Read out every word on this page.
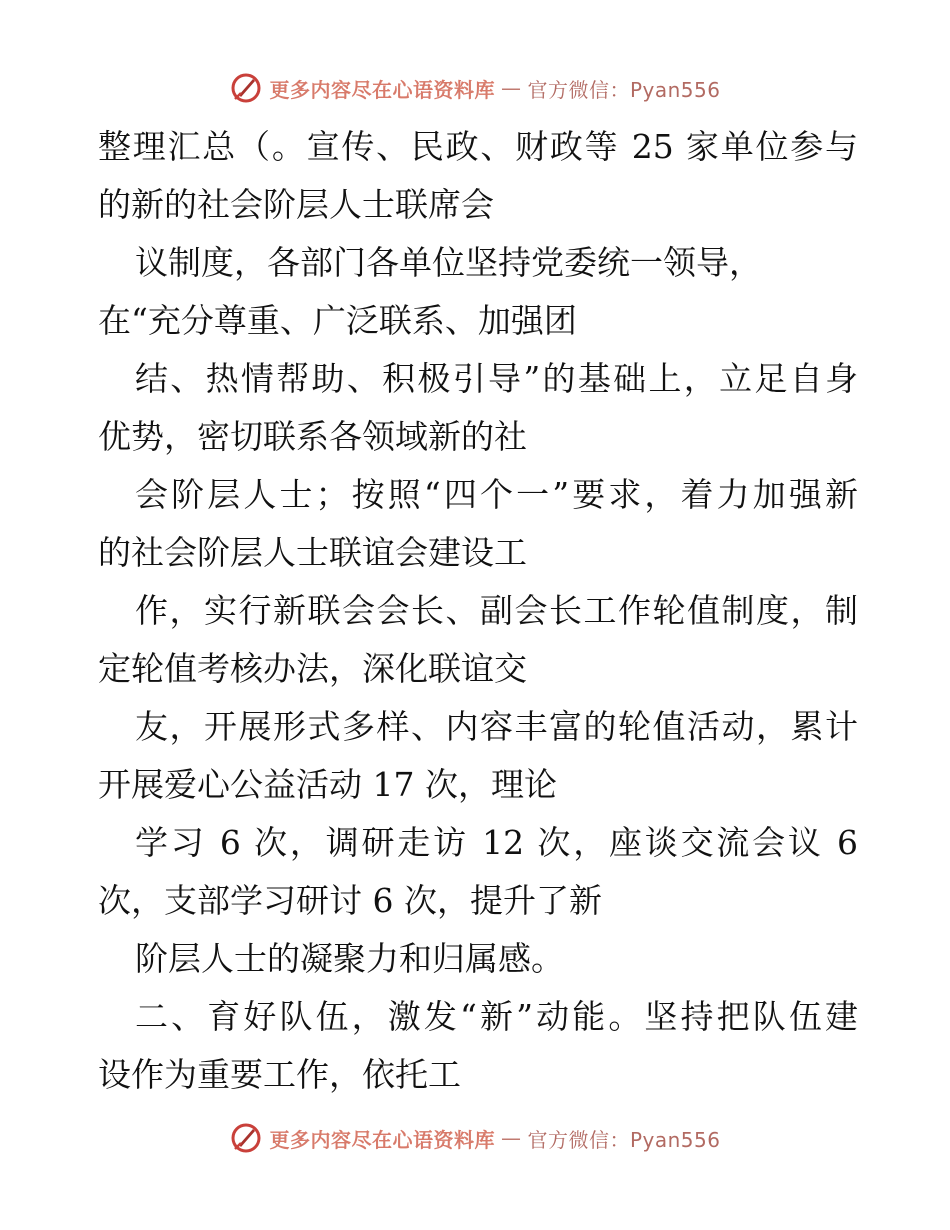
更多内容尽在心语资料库 — 官方微信：Pyan556
整理汇总（。宣传、民政、财政等 25 家单位参与
的新的社会阶层人士联席会
议制度，各部门各单位坚持党委统一领导，
在“充分尊重、广泛联系、加强团
结、热情帮助、积极引导”的基础上，立足自身
优势，密切联系各领域新的社
会阶层人士；按照“四个一”要求，着力加强新
的社会阶层人士联谊会建设工
作，实行新联会会长、副会长工作轮值制度，制
定轮值考核办法，深化联谊交
友，开展形式多样、内容丰富的轮值活动，累计
开展爱心公益活动 17 次，理论
学习 6 次，调研走访 12 次，座谈交流会议 6
次，支部学习研讨 6 次，提升了新
阶层人士的凝聚力和归属感。
二、育好队伍，激发“新”动能。坚持把队伍建
设作为重要工作，依托工
更多内容尽在心语资料库 — 官方微信：Pyan556
